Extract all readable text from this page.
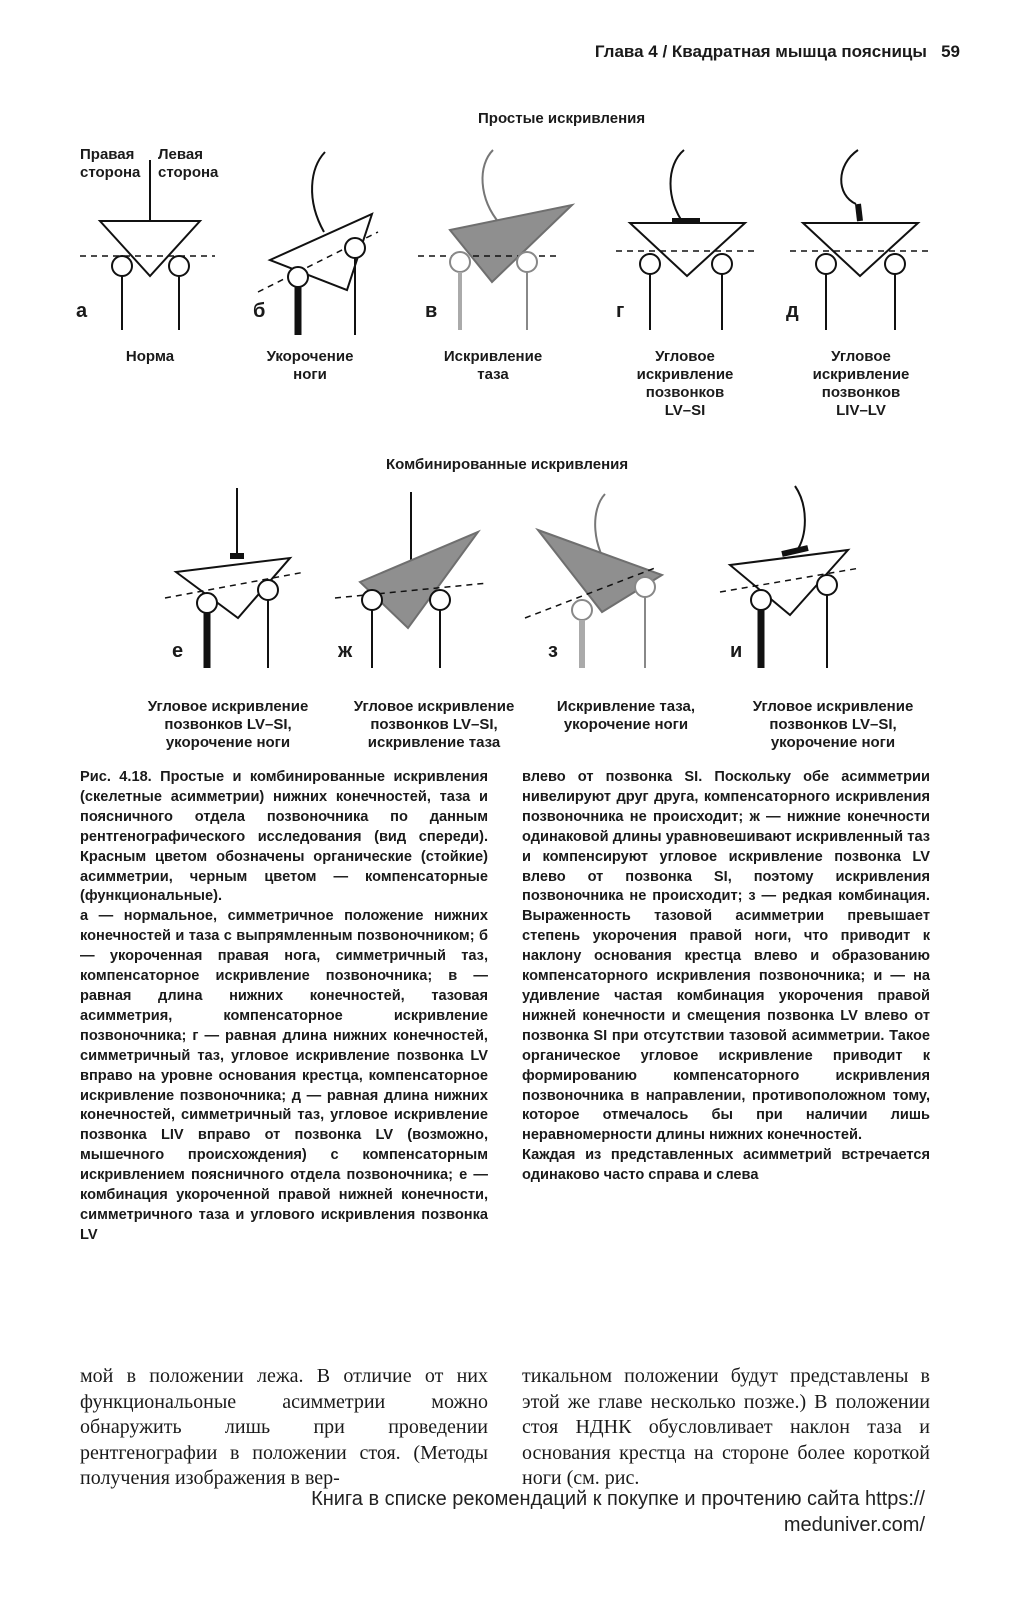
Глава 4 / Квадратная мышца поясницы 59
Простые искривления
Комбинированные искривления
Правая
сторона
Левая
сторона
а	б	в	г	д
Норма	Укорочение
ноги
Искривление
таза
Угловое
искривление
позвонков
LV–SI
Угловое
искривление
позвонков
LIV–LV
е	ж	з	и
Угловое искривление
позвонков LV–SI,
укорочение ноги
Угловое искривление
позвонков LV–SI,
искривление таза
Искривление таза,
укорочение ноги
Угловое искривление
позвонков LV–SI,
укорочение ноги

Рис. 4.18. Простые и комбинированные искривления (скелетные асимметрии) нижних конечностей, таза и поясничного отдела позвоночника по данным рентгенографического исследования (вид спереди). Красным цветом обозначены органические (стойкие) асимметрии, черным цветом — компенсаторные (функциональные).

а — нормальное, симметричное положение нижних конечностей и таза с выпрямленным позвоночником; б — укороченная правая нога, симметричный таз, компенсаторное искривление позвоночника; в — равная длина нижних конечностей, тазовая асимметрия, компенсаторное искривление позвоночника; г — равная длина нижних конечностей, симметричный таз, угловое искривление позвонка LV вправо на уровне основания крестца, компенсаторное искривление позвоночника; д — равная длина нижних конечностей, симметричный таз, угловое искривление позвонка LIV вправо от позвонка LV (возможно, мышечного происхождения) с компенсаторным искривлением поясничного отдела позвоночника; е — комбинация укороченной правой нижней конечности, симметричного таза и углового искривления позвонка LV

влево от позвонка SI. Поскольку обе асимметрии нивелируют друг друга, компенсаторного искривления позвоночника не происходит; ж — нижние конечности одинаковой длины уравновешивают искривленный таз и компенсируют угловое искривление позвонка LV влево от позвонка SI, поэтому искривления позвоночника не происходит; з — редкая комбинация. Выраженность тазовой асимметрии превышает степень укорочения правой ноги, что приводит к наклону основания крестца влево и образованию компенсаторного искривления позвоночника; и — на удивление частая комбинация укорочения правой нижней конечности и смещения позвонка LV влево от позвонка SI при отсутствии тазовой асимметрии. Такое органическое угловое искривление приводит к формированию компенсаторного искривления позвоночника в направлении, противоположном тому, которое отмечалось бы при наличии лишь неравномерности длины нижних конечностей.

Каждая из представленных асимметрий встречается одинаково часто справа и слева

мой в положении лежа. В отличие от них функциональоные асимметрии можно обнаружить лишь при проведении рентгенографии в положении стоя. (Методы получения изображения в вер-

тикальном положении будут представлены в этой же главе несколько позже.) В положении стоя НДНК обусловливает наклон таза и основания крестца на стороне более короткой ноги (см. рис.

Книга в списке рекомендаций к покупке и прочтению сайта https://
meduniver.com/
